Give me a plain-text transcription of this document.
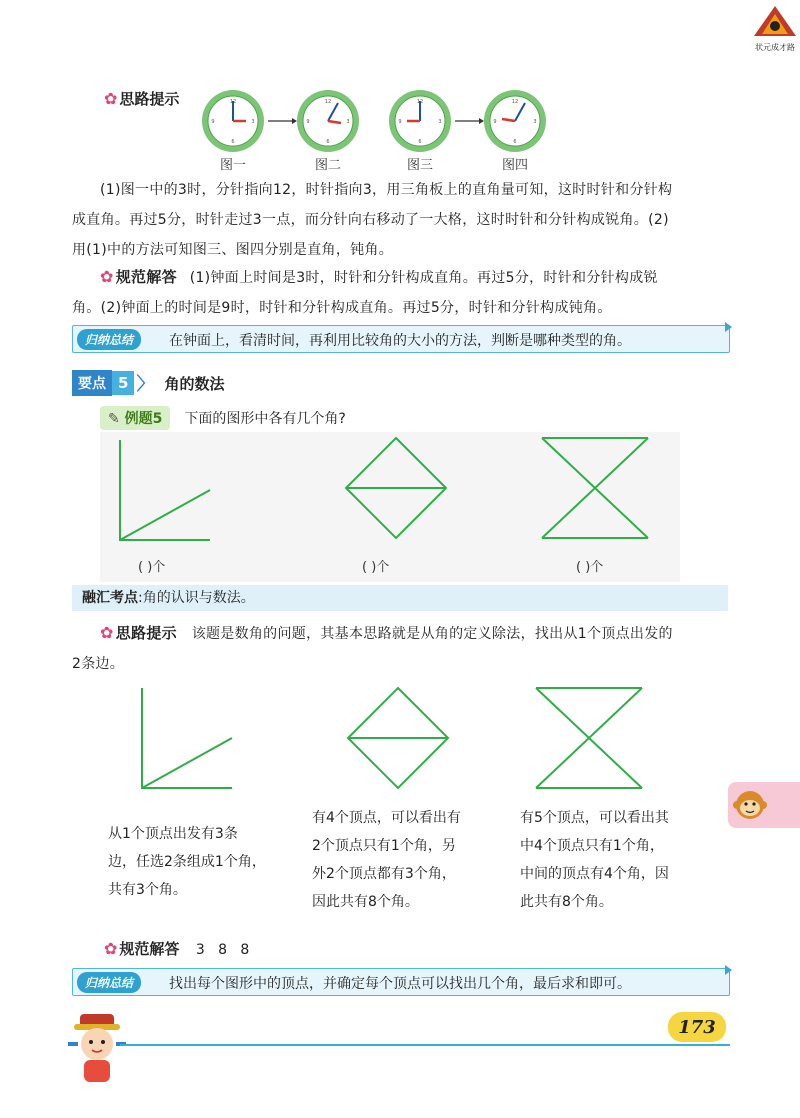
状元成才路
✿ 思路提示
12
3
6
9
图一	图二	图三	图四
(1)图一中的3时，分针指向12，时针指向3，用三角板上的直角量可知，这时时针和分针构
成直角。再过5分，时针走过3一点，而分针向右移动了一大格，这时时针和分针构成锐角。(2)
用(1)中的方法可知图三、图四分别是直角，钝角。
✿ 规范解答 (1)钟面上时间是3时，时针和分针构成直角。再过5分，时针和分针构成锐
角。(2)钟面上的时间是9时，时针和分针构成直角。再过5分，时针和分针构成钝角。
归纳总结	在钟面上，看清时间，再利用比较角的大小的方法，判断是哪种类型的角。
要点 5 〉 角的数法
✎ 例题5	下面的图形中各有几个角?
( )个	( )个	( )个
融汇考点:角的认识与数法。
✿ 思路提示 该题是数角的问题，其基本思路就是从角的定义除法，找出从1个顶点出发的
2条边。
从1个顶点出发有3条
边，任选2条组成1个角，
共有3个角。
有4个顶点，可以看出有
2个顶点只有1个角，另
外2个顶点都有3个角，
因此共有8个角。
有5个顶点，可以看出其
中4个顶点只有1个角，
中间的顶点有4个角，因
此共有8个角。
✿ 规范解答 3   8   8
归纳总结	找出每个图形中的顶点，并确定每个顶点可以找出几个角，最后求和即可。
173
